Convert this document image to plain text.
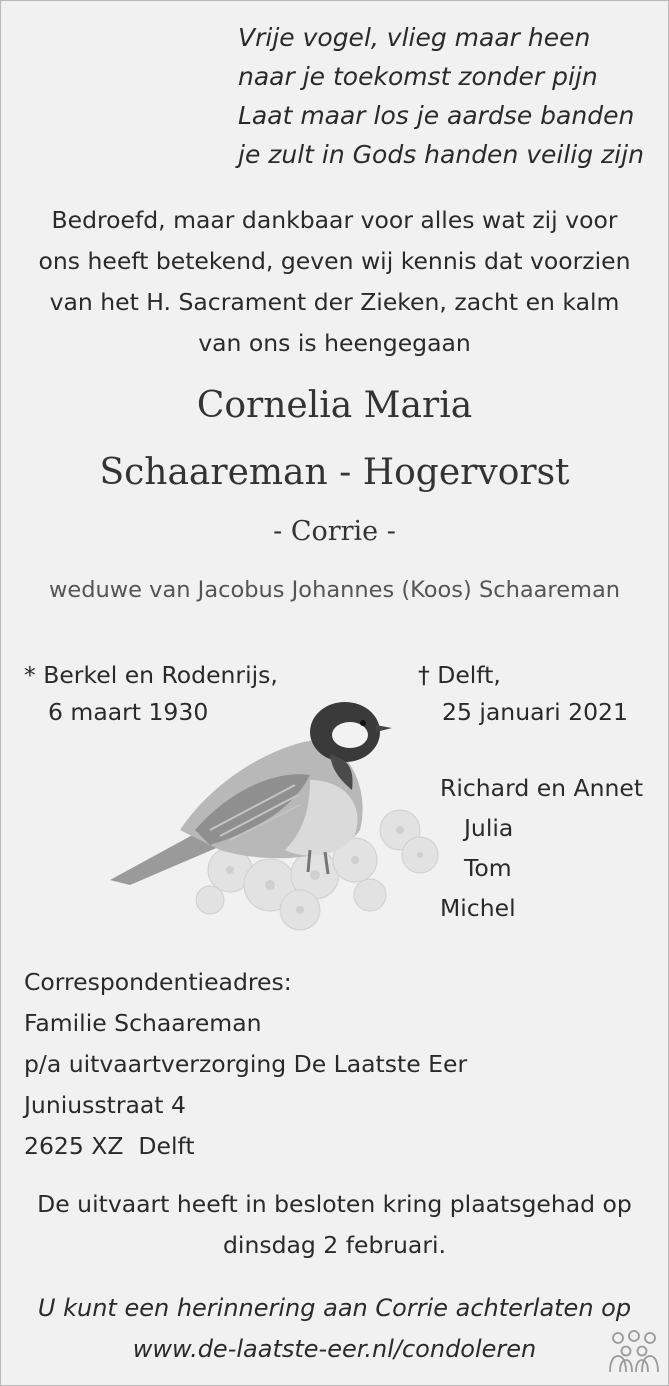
Vrije vogel, vlieg maar heen
naar je toekomst zonder pijn
Laat maar los je aardse banden
je zult in Gods handen veilig zijn
Bedroefd, maar dankbaar voor alles wat zij voor
ons heeft betekend, geven wij kennis dat voorzien
van het H. Sacrament der Zieken, zacht en kalm
van ons is heengegaan
Cornelia Maria
Schaareman - Hogervorst
- Corrie -
weduwe van Jacobus Johannes (Koos) Schaareman
* Berkel en Rodenrijs,
6 maart 1930
† Delft,
25 januari 2021
Richard en Annet
Julia
Tom
Michel
Correspondentieadres:
Familie Schaareman
p/a uitvaartverzorging De Laatste Eer
Juniusstraat 4
2625 XZ  Delft
De uitvaart heeft in besloten kring plaatsgehad op
dinsdag 2 februari.
U kunt een herinnering aan Corrie achterlaten op
www.de-laatste-eer.nl/condoleren
